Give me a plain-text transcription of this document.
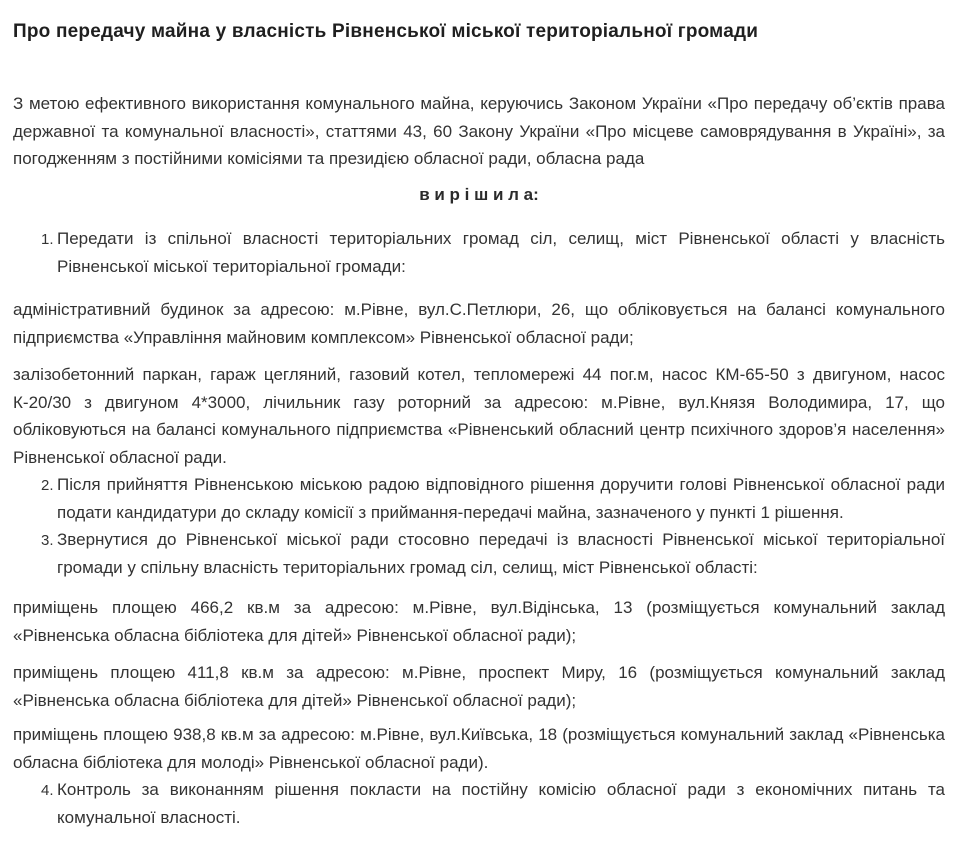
Про передачу майна у власність Рівненської міської територіальної громади

З метою ефективного використання комунального майна, керуючись Законом України «Про передачу об’єктів права державної та комунальної власності», статтями 43, 60 Закону України «Про місцеве самоврядування в Україні», за погодженням з постійними комісіями та президією обласної ради, обласна рада

в и р і ш и л а:

1. Передати із спільної власності територіальних громад сіл, селищ, міст Рівненської області у власність Рівненської міської територіальної громади:

адміністративний будинок за адресою: м.Рівне, вул.С.Петлюри, 26, що обліковується на балансі комунального підприємства «Управління майновим комплексом» Рівненської обласної ради;

залізобетонний паркан, гараж цегляний, газовий котел, тепломережі 44 пог.м, насос КМ-65-50 з двигуном, насос К-20/30 з двигуном 4*3000, лічильник газу роторний за адресою: м.Рівне, вул.Князя Володимира, 17, що обліковуються на балансі комунального підприємства «Рівненський обласний центр психічного здоров’я населення» Рівненської обласної ради.

2. Після прийняття Рівненською міською радою відповідного рішення доручити голові Рівненської обласної ради подати кандидатури до складу комісії з приймання-передачі майна, зазначеного у пункті 1 рішення.
3. Звернутися до Рівненської міської ради стосовно передачі із власності Рівненської міської територіальної громади у спільну власність територіальних громад сіл, селищ, міст Рівненської області:

приміщень площею 466,2 кв.м за адресою: м.Рівне, вул.Відінська, 13 (розміщується комунальний заклад «Рівненська обласна бібліотека для дітей» Рівненської обласної ради);

приміщень площею 411,8 кв.м за адресою: м.Рівне, проспект Миру, 16 (розміщується комунальний заклад «Рівненська обласна бібліотека для дітей» Рівненської обласної ради);

приміщень площею 938,8 кв.м за адресою: м.Рівне, вул.Київська, 18 (розміщується комунальний заклад «Рівненська обласна бібліотека для молоді» Рівненської обласної ради).

4. Контроль за виконанням рішення покласти на постійну комісію обласної ради з економічних питань та комунальної власності.
